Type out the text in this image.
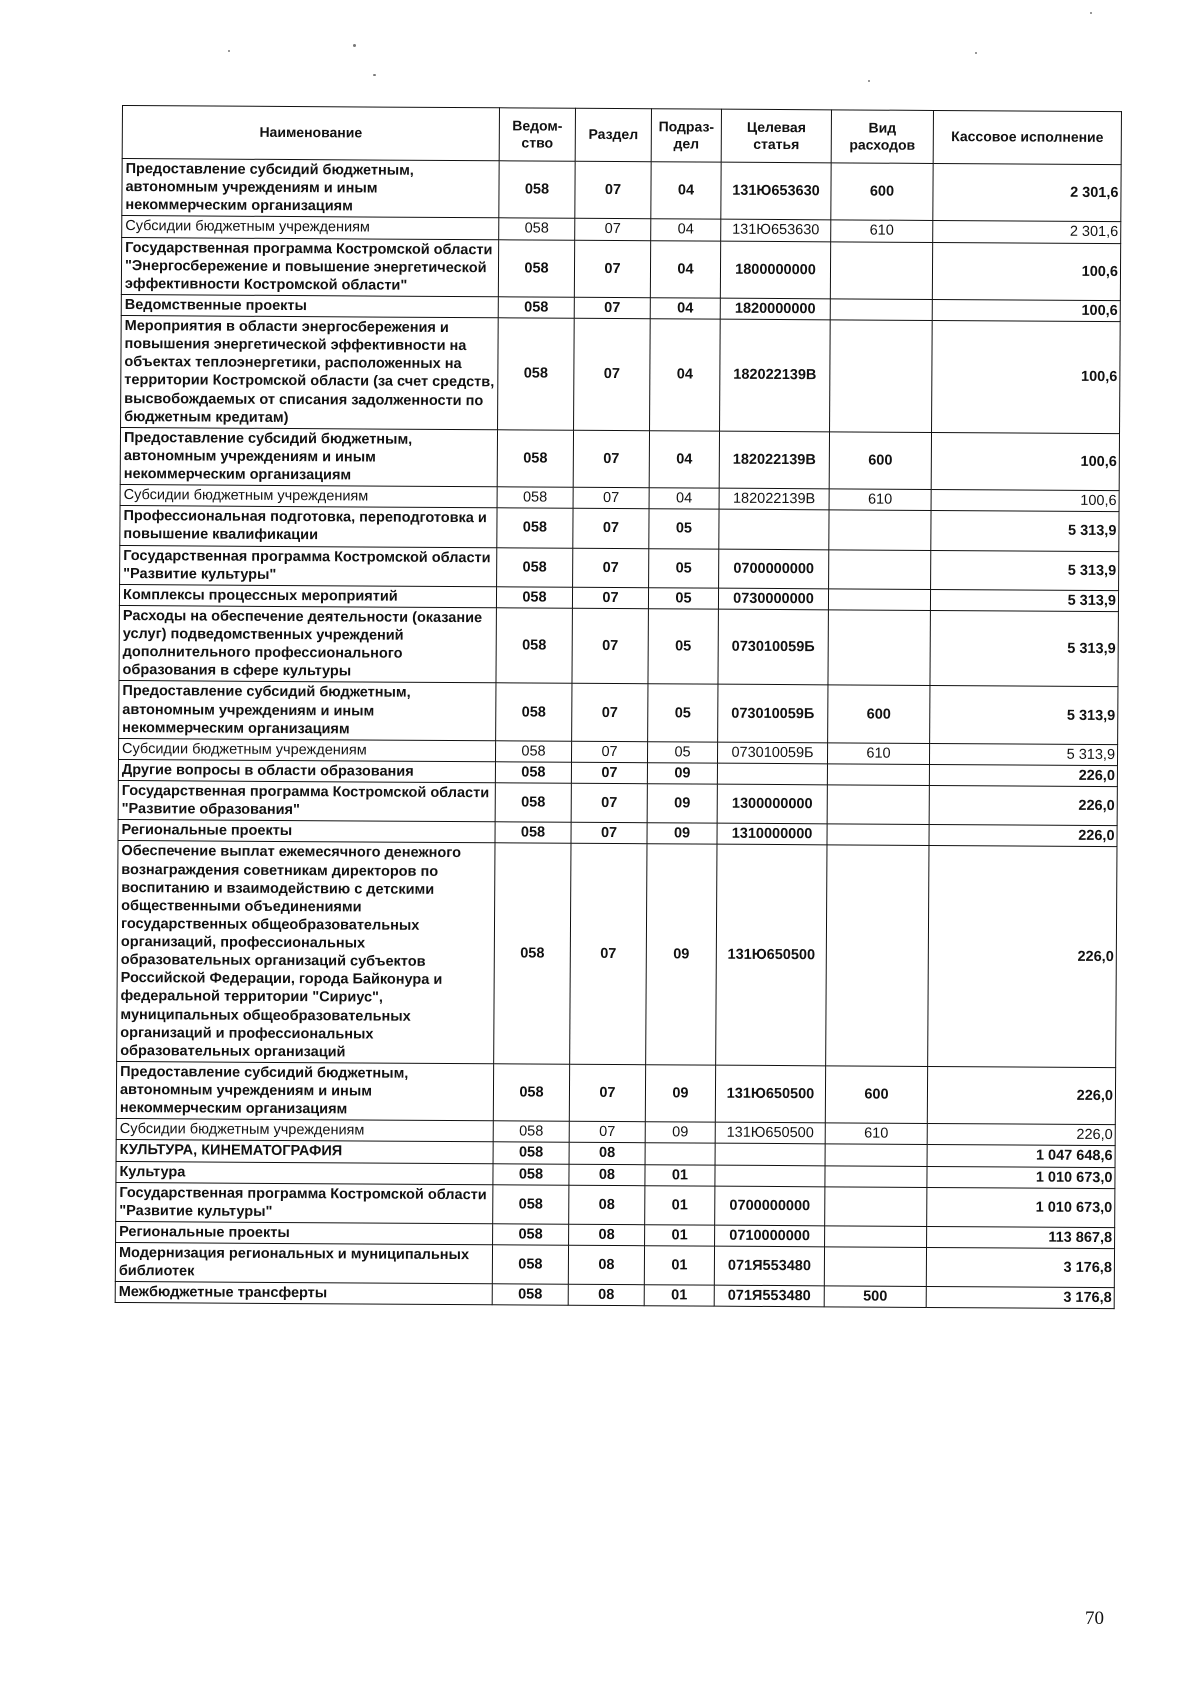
Наименование	Ведом-ство	Раздел	Подраз-дел	Целевая статья	Вид расходов	Кассовое исполнение
Предоставление субсидий бюджетным, автономным учреждениям и иным некоммерческим организациям	058	07	04	131Ю653630	600	2 301,6
Субсидии бюджетным учреждениям	058	07	04	131Ю653630	610	2 301,6
Государственная программа Костромской области "Энергосбережение и повышение энергетической эффективности Костромской области"	058	07	04	1800000000		100,6
Ведомственные проекты	058	07	04	1820000000		100,6
Мероприятия в области энергосбережения и повышения энергетической эффективности на объектах теплоэнергетики, расположенных на территории Костромской области (за счет средств, высвобождаемых от списания задолженности по бюджетным кредитам)	058	07	04	182022139В		100,6
Предоставление субсидий бюджетным, автономным учреждениям и иным некоммерческим организациям	058	07	04	182022139В	600	100,6
Субсидии бюджетным учреждениям	058	07	04	182022139В	610	100,6
Профессиональная подготовка, переподготовка и повышение квалификации	058	07	05			5 313,9
Государственная программа Костромской области "Развитие культуры"	058	07	05	0700000000		5 313,9
Комплексы процессных мероприятий	058	07	05	0730000000		5 313,9
Расходы на обеспечение деятельности (оказание услуг) подведомственных учреждений дополнительного профессионального образования в сфере культуры	058	07	05	073010059Б		5 313,9
Предоставление субсидий бюджетным, автономным учреждениям и иным некоммерческим организациям	058	07	05	073010059Б	600	5 313,9
Субсидии бюджетным учреждениям	058	07	05	073010059Б	610	5 313,9
Другие вопросы в области образования	058	07	09			226,0
Государственная программа Костромской области "Развитие образования"	058	07	09	1300000000		226,0
Региональные проекты	058	07	09	1310000000		226,0
Обеспечение выплат ежемесячного денежного вознаграждения советникам директоров по воспитанию и взаимодействию с детскими общественными объединениями государственных общеобразовательных организаций, профессиональных образовательных организаций субъектов Российской Федерации, города Байконура и федеральной территории "Сириус", муниципальных общеобразовательных организаций и профессиональных образовательных организаций	058	07	09	131Ю650500		226,0
Предоставление субсидий бюджетным, автономным учреждениям и иным некоммерческим организациям	058	07	09	131Ю650500	600	226,0
Субсидии бюджетным учреждениям	058	07	09	131Ю650500	610	226,0
КУЛЬТУРА, КИНЕМАТОГРАФИЯ	058	08				1 047 648,6
Культура	058	08	01			1 010 673,0
Государственная программа Костромской области "Развитие культуры"	058	08	01	0700000000		1 010 673,0
Региональные проекты	058	08	01	0710000000		113 867,8
Модернизация региональных и муниципальных библиотек	058	08	01	071Я553480		3 176,8
Межбюджетные трансферты	058	08	01	071Я553480	500	3 176,8
70
